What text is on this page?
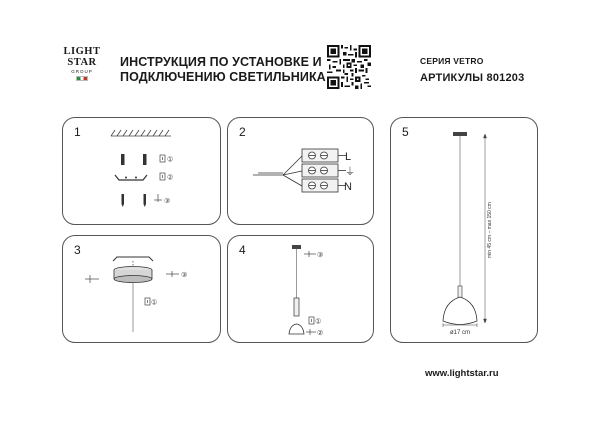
LIGHT
STAR
GROUP
ИНСТРУКЦИЯ ПО УСТАНОВКЕ И
ПОДКЛЮЧЕНИЮ СВЕТИЛЬНИКА
СЕРИЯ VETRO
АРТИКУЛЫ 801203
1
①
②
③
2
L
⏚
N
3
③
①
4	③
①
②
5
min 45 cm – max 150 cm
ø17 cm
www.lightstar.ru
